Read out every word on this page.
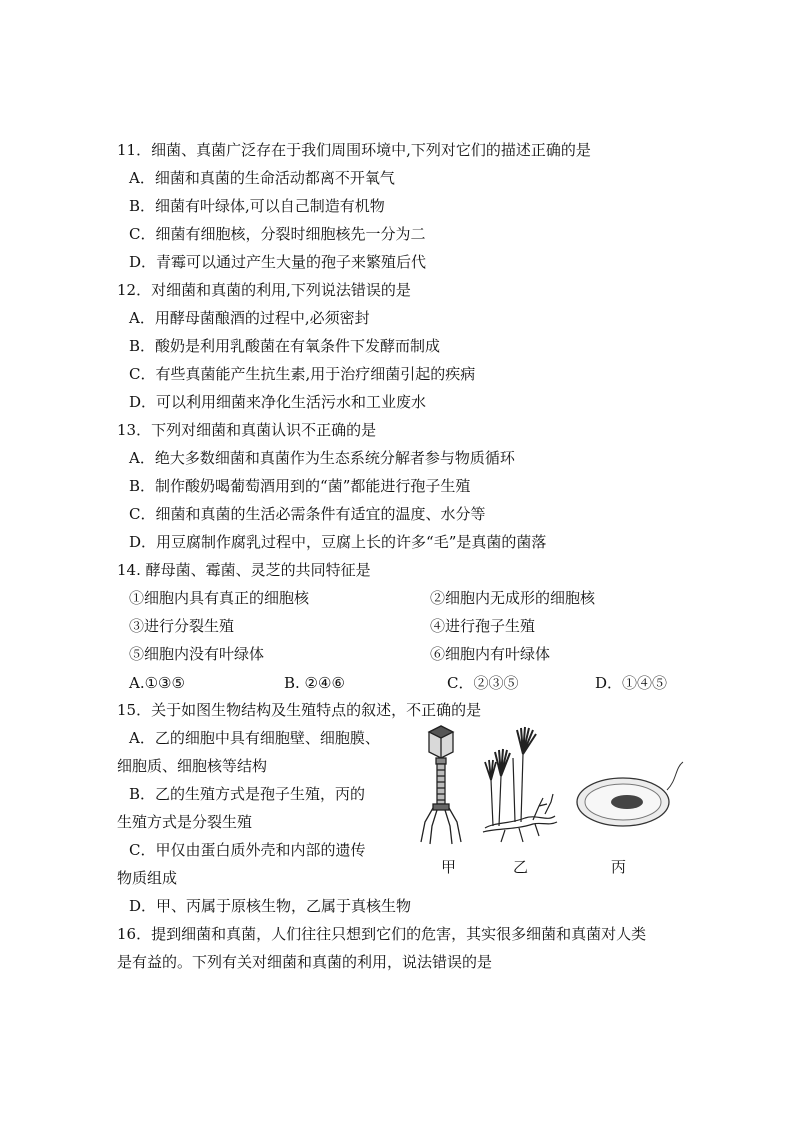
11．细菌、真菌广泛存在于我们周围环境中,下列对它们的描述正确的是
A．细菌和真菌的生命活动都离不开氧气
B．细菌有叶绿体,可以自己制造有机物
C．细菌有细胞核，分裂时细胞核先一分为二
D．青霉可以通过产生大量的孢子来繁殖后代
12．对细菌和真菌的利用,下列说法错误的是
A．用酵母菌酿酒的过程中,必须密封
B．酸奶是利用乳酸菌在有氧条件下发酵而制成
C．有些真菌能产生抗生素,用于治疗细菌引起的疾病
D．可以利用细菌来净化生活污水和工业废水
13．下列对细菌和真菌认识不正确的是
A．绝大多数细菌和真菌作为生态系统分解者参与物质循环
B．制作酸奶喝葡萄酒用到的“菌”都能进行孢子生殖
C．细菌和真菌的生活必需条件有适宜的温度、水分等
D．用豆腐制作腐乳过程中，豆腐上长的许多“毛”是真菌的菌落
14. 酵母菌、霉菌、灵芝的共同特征是
①细胞内具有真正的细胞核	②细胞内无成形的细胞核
③进行分裂生殖	④进行孢子生殖
⑤细胞内没有叶绿体	⑥细胞内有叶绿体
A.①③⑤	B. ②④⑥	C．②③⑤	D．①④⑤
15．关于如图生物结构及生殖特点的叙述，不正确的是
A．乙的细胞中具有细胞壁、细胞膜、
细胞质、细胞核等结构
B．乙的生殖方式是孢子生殖，丙的
生殖方式是分裂生殖
C．甲仅由蛋白质外壳和内部的遗传
物质组成
D．甲、丙属于原核生物，乙属于真核生物
甲	乙	丙
16．提到细菌和真菌，人们往往只想到它们的危害，其实很多细菌和真菌对人类
是有益的。下列有关对细菌和真菌的利用，说法错误的是
